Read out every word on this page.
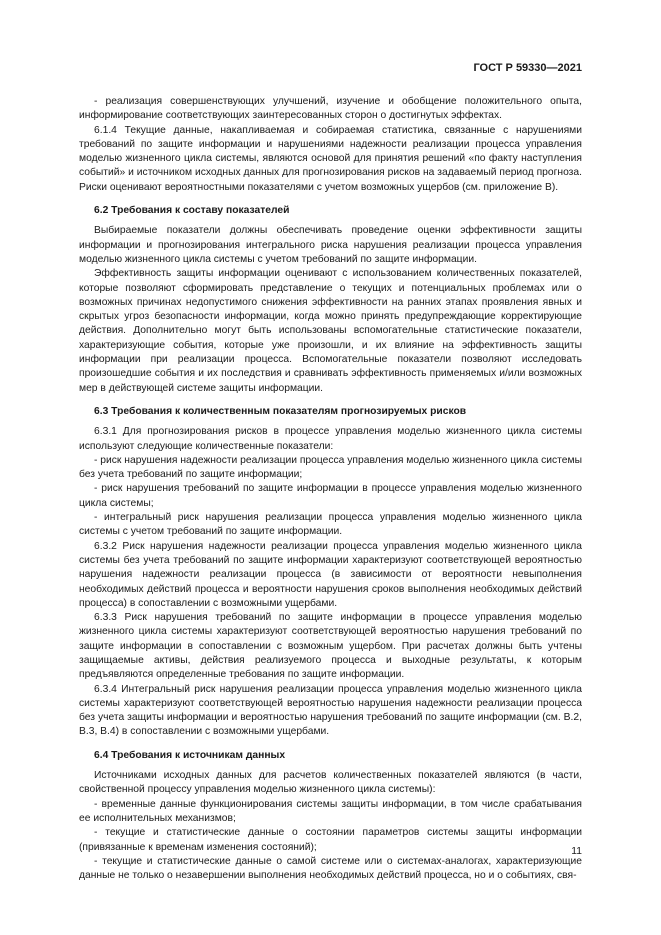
ГОСТ Р 59330—2021

- реализация совершенствующих улучшений, изучение и обобщение положительного опыта, информирование соответствующих заинтересованных сторон о достигнутых эффектах.

6.1.4 Текущие данные, накапливаемая и собираемая статистика, связанные с нарушениями требований по защите информации и нарушениями надежности реализации процесса управления моделью жизненного цикла системы, являются основой для принятия решений «по факту наступления событий» и источником исходных данных для прогнозирования рисков на задаваемый период прогноза. Риски оценивают вероятностными показателями с учетом возможных ущербов (см. приложение В).

6.2 Требования к составу показателей

Выбираемые показатели должны обеспечивать проведение оценки эффективности защиты информации и прогнозирования интегрального риска нарушения реализации процесса управления моделью жизненного цикла системы с учетом требований по защите информации.

Эффективность защиты информации оценивают с использованием количественных показателей, которые позволяют сформировать представление о текущих и потенциальных проблемах или о возможных причинах недопустимого снижения эффективности на ранних этапах проявления явных и скрытых угроз безопасности информации, когда можно принять предупреждающие корректирующие действия. Дополнительно могут быть использованы вспомогательные статистические показатели, характеризующие события, которые уже произошли, и их влияние на эффективность защиты информации при реализации процесса. Вспомогательные показатели позволяют исследовать произошедшие события и их последствия и сравнивать эффективность применяемых и/или возможных мер в действующей системе защиты информации.

6.3 Требования к количественным показателям прогнозируемых рисков

6.3.1 Для прогнозирования рисков в процессе управления моделью жизненного цикла системы используют следующие количественные показатели:

- риск нарушения надежности реализации процесса управления моделью жизненного цикла системы без учета требований по защите информации;

- риск нарушения требований по защите информации в процессе управления моделью жизненного цикла системы;

- интегральный риск нарушения реализации процесса управления моделью жизненного цикла системы с учетом требований по защите информации.

6.3.2 Риск нарушения надежности реализации процесса управления моделью жизненного цикла системы без учета требований по защите информации характеризуют соответствующей вероятностью нарушения надежности реализации процесса (в зависимости от вероятности невыполнения необходимых действий процесса и вероятности нарушения сроков выполнения необходимых действий процесса) в сопоставлении с возможными ущербами.

6.3.3 Риск нарушения требований по защите информации в процессе управления моделью жизненного цикла системы характеризуют соответствующей вероятностью нарушения требований по защите информации в сопоставлении с возможным ущербом. При расчетах должны быть учтены защищаемые активы, действия реализуемого процесса и выходные результаты, к которым предъявляются определенные требования по защите информации.

6.3.4 Интегральный риск нарушения реализации процесса управления моделью жизненного цикла системы характеризуют соответствующей вероятностью нарушения надежности реализации процесса без учета защиты информации и вероятностью нарушения требований по защите информации (см. В.2, В.3, В.4) в сопоставлении с возможными ущербами.

6.4 Требования к источникам данных

Источниками исходных данных для расчетов количественных показателей являются (в части, свойственной процессу управления моделью жизненного цикла системы):

- временные данные функционирования системы защиты информации, в том числе срабатывания ее исполнительных механизмов;

- текущие и статистические данные о состоянии параметров системы защиты информации (привязанные к временам изменения состояний);

- текущие и статистические данные о самой системе или о системах-аналогах, характеризующие данные не только о незавершении выполнения необходимых действий процесса, но и о событиях, свя-

11
